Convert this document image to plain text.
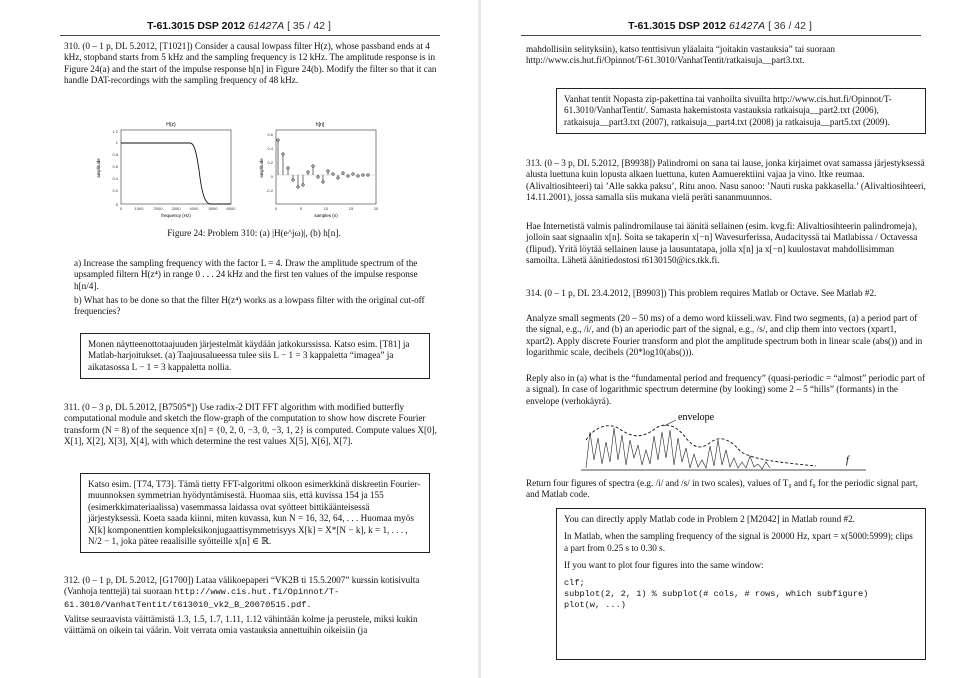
T-61.3015 DSP 2012 61427A [ 35 / 42 ]
310. (0 – 1 p, DL 5.2012, [T1021]) Consider a causal lowpass filter H(z), whose passband ends at 4 kHz, stopband starts from 5 kHz and the sampling frequency is 12 kHz. The amplitude response is in Figure 24(a) and the start of the impulse response h[n] in Figure 24(b). Modify the filter so that it can handle DAT-recordings with the sampling frequency of 48 kHz.
H(z)
1.2
1
0.8
0.6
0.4
0.2
0
0	1000	2000 3000 4000	5000 6000
frequency (Hz)
amplitude
h[n]
0.6
0.4
0.2
0
-0.2
0	5	10	15	20
samples (n)
amplitude
Figure 24: Problem 310: (a) |H(e^jω)|, (b) h[n].
a) Increase the sampling frequency with the factor L = 4. Draw the amplitude spectrum of the upsampled filtern H(z⁴) in range 0 . . . 24 kHz and the first ten values of the impulse response h[n/4].
b) What has to be done so that the filter H(z⁴) works as a lowpass filter with the original cut-off frequencies?
Monen näytteenottotaajuuden järjestelmät käydään jatkokurssissa. Katso esim. [T81] ja Matlab-harjoitukset. (a) Taajuusalueessa tulee siis L − 1 = 3 kappaletta “imagea” ja aikatasossa L − 1 = 3 kappaletta nollia.
311. (0 – 3 p, DL 5.2012, [B7505*]) Use radix-2 DIT FFT algorithm with modified butterfly computational module and sketch the flow-graph of the computation to show how discrete Fourier transform (N = 8) of the sequence x[n] = {0, 2, 0, −3, 0, −3, 1, 2} is computed. Compute values X[0], X[1], X[2], X[3], X[4], with which determine the rest values X[5], X[6], X[7].
Katso esim. [T74, T73]. Tämä tietty FFT-algoritmi olkoon esimerkkinä diskreetin Fourier-muunnoksen symmetrian hyödyntämisestä. Huomaa siis, että kuvissa 154 ja 155 (esimerkkimateriaalissa) vasemmassa laidassa ovat syötteet bittikäänteisessä järjestyksessä. Koeta saada kiinni, miten kuvassa, kun N = 16, 32, 64, . . . Huomaa myös X[k] komponenttien kompleksikonjugaattisymmetrisyys X[k] = X*[N − k], k = 1, . . . , N/2 − 1, joka pätee reaalisille syötteille x[n] ∈ ℝ.
312. (0 – 1 p, DL 5.2012, [G1700]) Lataa välikoepaperi “VK2B ti 15.5.2007” kurssin kotisivulta (Vanhoja tenttejä) tai suoraan http://www.cis.hut.fi/Opinnot/T-61.3010/VanhatTentit/t613010_vk2_B_20070515.pdf.
Valitse seuraavista väittämistä 1.3, 1.5, 1.7, 1.11, 1.12 vähintään kolme ja perustele, miksi kukin väittämä on oikein tai väärin. Voit verrata omia vastauksia annettuihin oikeisiin (ja
T-61.3015 DSP 2012 61427A [ 36 / 42 ]
mahdollisiin selityksiin), katso tenttisivun yläalaita “joitakin vastauksia” tai suoraan http://www.cis.hut.fi/Opinnot/T-61.3010/VanhatTentit/ratkaisuja__part3.txt.
Vanhat tentit Nopasta zip-pakettina tai vanhoilta sivuilta http://www.cis.hut.fi/Opinnot/T-61.3010/VanhatTentit/. Samasta hakemistosta vastauksia ratkaisuja__part2.txt (2006), ratkaisuja__part3.txt (2007), ratkaisuja__part4.txt (2008) ja ratkaisuja__part5.txt (2009).
313. (0 – 3 p, DL 5.2012, [B9938]) Palindromi on sana tai lause, jonka kirjaimet ovat samassa järjestyksessä alusta luettuna kuin lopusta alkaen luettuna, kuten Aamuerektiini vajaa ja vino. Itke reumaa. (Alivaltiosihteeri) tai ’Alle sakka paksu’, Ritu anoo. Nasu sanoo: ’Nauti ruska pakkasella.’ (Alivaltiosihteeri, 14.11.2001), jossa samalla siis mukana vielä peräti sananmuunnos.
Hae Internetistä valmis palindromilause tai äänitä sellainen (esim. kvg.fi: Alivaltiosihteerin palindromeja), jolloin saat signaalin x[n]. Soita se takaperin x[−n] Wavesurferissa, Audacityssä tai Matlabissa / Octavessa (flipud). Yritä löytää sellainen lause ja lausuntatapa, jolla x[n] ja x[−n] kuulostavat mahdollisimman samoilta. Lähetä äänitiedostosi t6130150@ics.tkk.fi.
314. (0 – 1 p, DL 23.4.2012, [B9903]) This problem requires Matlab or Octave. See Matlab #2.
Analyze small segments (20 – 50 ms) of a demo word kiisseli.wav. Find two segments, (a) a period part of the signal, e.g., /i/, and (b) an aperiodic part of the signal, e.g., /s/, and clip them into vectors (xpart1, xpart2). Apply discrete Fourier transform and plot the amplitude spectrum both in linear scale (abs()) and in logarithmic scale, decibels (20*log10(abs())).
Reply also in (a) what is the “fundamental period and frequency” (quasi-periodic = “almost” periodic part of a signal). In case of logarithmic spectrum determine (by looking) some 2 – 5 “hills” (formants) in the envelope (verhokäyrä).
envelope
f
Return four figures of spectra (e.g. /i/ and /s/ in two scales), values of T₀ and f₀ for the periodic signal part, and Matlab code.
You can directly apply Matlab code in Problem 2 [M2042] in Matlab round #2.
In Matlab, when the sampling frequency of the signal is 20000 Hz, xpart = x(5000:5999); clips a part from 0.25 s to 0.30 s.
If you want to plot four figures into the same window:
clf;
subplot(2, 2, 1) % subplot(# cols, # rows, which subfigure)
plot(w, ...)
